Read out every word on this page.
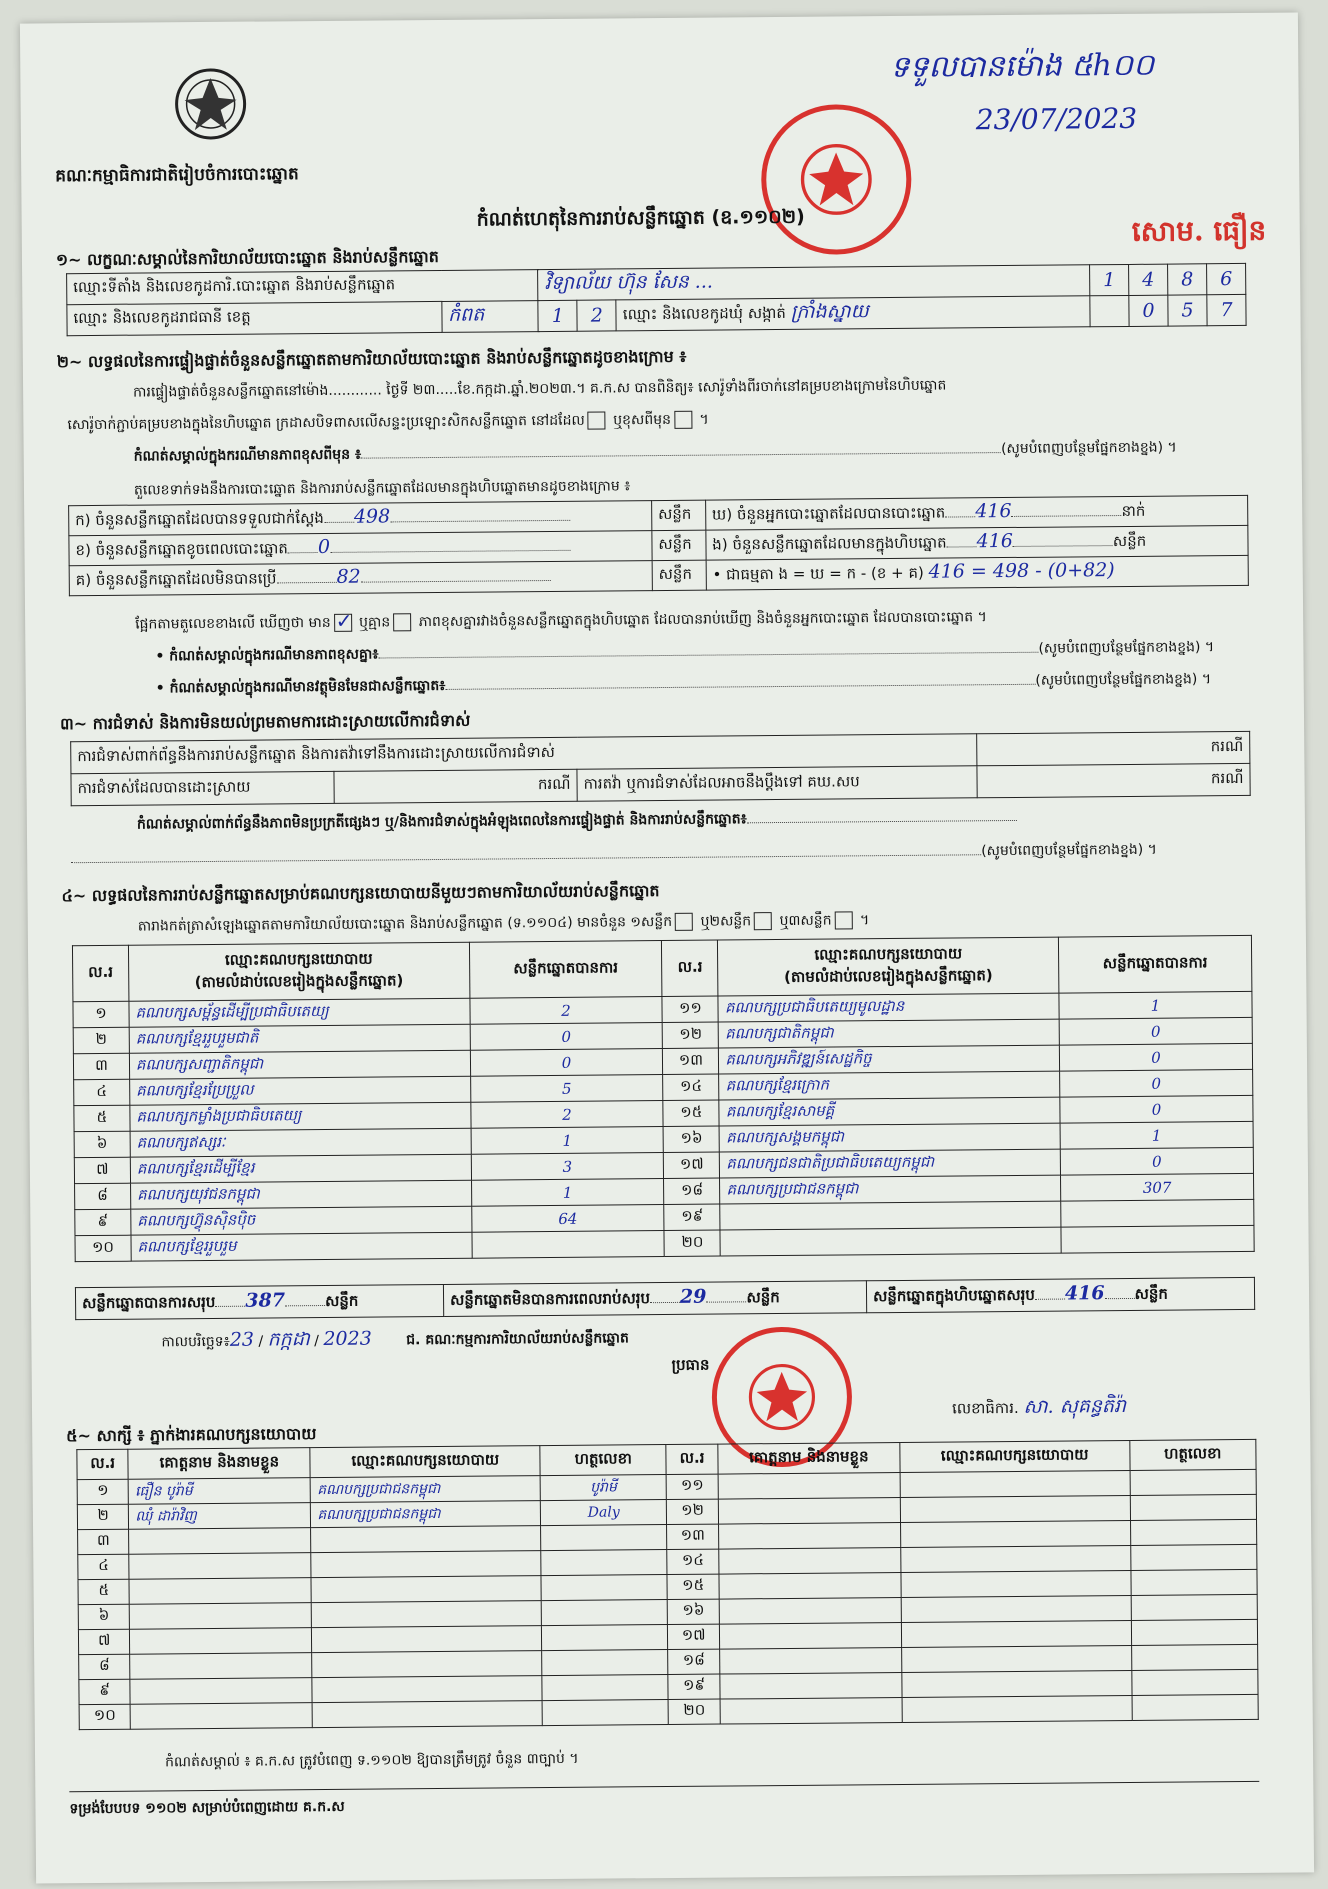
គណៈកម្មាធិការជាតិរៀបចំការបោះឆ្នោត
ទទួលបានម៉ោង ៥h០០
23/07/2023
សោម. ធឿន
កំណត់ហេតុនៃការរាប់សន្លឹកឆ្នោត (ឧ.១១០២)
១~ លក្ខណៈសម្គាល់នៃការិយាល័យបោះឆ្នោត និងរាប់សន្លឹកឆ្នោត
ឈ្មោះទីតាំង និងលេខកូដការិ.បោះឆ្នោត និងរាប់សន្លឹកឆ្នោត		វិទ្យាល័យ ហ៊ុន សែន ...			1	4	8	6
ឈ្មោះ និងលេខកូដរាជធានី ខេត្ត	កំពត	1	2	ឈ្មោះ និងលេខកូដឃុំ សង្កាត់ ក្រាំងស្នាយ		0	5	7
២~ លទ្ធផលនៃការផ្ទៀងផ្ទាត់ចំនួនសន្លឹកឆ្នោតតាមការិយាល័យបោះឆ្នោត និងរាប់សន្លឹកឆ្នោតដូចខាងក្រោម ៖
ការផ្ទៀងផ្ទាត់ចំនួនសន្លឹកឆ្នោតនៅម៉ោង............ ថ្ងៃទី ២៣.....ខែ.កក្កដា.ឆ្នាំ.២០២៣.។ គ.ក.ស បានពិនិត្យ៖ សោរ៉ូទាំងពីរចាក់នៅគម្របខាងក្រោមនៃហិបឆ្នោត
សោរ៉ូចាក់ភ្ជាប់គម្របខាងក្នុងនៃហិបឆ្នោត ក្រដាសបិទពាសលើសន្ទះប្រឡោះសិកសន្លឹកឆ្នោត នៅដដែល ឬខុសពីមុន ។
កំណត់សម្គាល់ក្នុងករណីមានភាពខុសពីមុន ៖	(សូមបំពេញបន្ថែមផ្នែកខាងខ្នង) ។
តួលេខទាក់ទងនឹងការបោះឆ្នោត និងការរាប់សន្លឹកឆ្នោតដែលមានក្នុងហិបឆ្នោតមានដូចខាងក្រោម ៖
ក) ចំនួនសន្លឹកឆ្នោតដែលបានទទួលជាក់ស្តែង 498	សន្លឹក	ឃ) ចំនួនអ្នកបោះឆ្នោតដែលបានបោះឆ្នោត 416 នាក់
ខ) ចំនួនសន្លឹកឆ្នោតខូចពេលបោះឆ្នោត 0	សន្លឹក	ង) ចំនួនសន្លឹកឆ្នោតដែលមានក្នុងហិបឆ្នោត 416 សន្លឹក
គ) ចំនួនសន្លឹកឆ្នោតដែលមិនបានប្រើ 82	សន្លឹក	• ជាធម្មតា ង = ឃ = ក - (ខ + គ) 416 = 498 - (0+82)
ផ្អែកតាមតួលេខខាងលើ ឃើញថា មាន ✓ ឬគ្មាន ភាពខុសគ្នារវាងចំនួនសន្លឹកឆ្នោតក្នុងហិបឆ្នោត ដែលបានរាប់ឃើញ និងចំនួនអ្នកបោះឆ្នោត ដែលបានបោះឆ្នោត ។
• កំណត់សម្គាល់ក្នុងករណីមានភាពខុសគ្នា៖	(សូមបំពេញបន្ថែមផ្នែកខាងខ្នង) ។
• កំណត់សម្គាល់ក្នុងករណីមានវត្ថុមិនមែនជាសន្លឹកឆ្នោត៖	(សូមបំពេញបន្ថែមផ្នែកខាងខ្នង) ។
៣~ ការជំទាស់ និងការមិនយល់ព្រមតាមការដោះស្រាយលើការជំទាស់
ការជំទាស់ពាក់ព័ន្ធនឹងការរាប់សន្លឹកឆ្នោត និងការតវ៉ាទៅនឹងការដោះស្រាយលើការជំទាស់			ករណី
ការជំទាស់ដែលបានដោះស្រាយ	ករណី	ការតវ៉ា ឬការជំទាស់ដែលអាចនឹងប្តឹងទៅ គឃ.សប	ករណី
កំណត់សម្គាល់ពាក់ព័ន្ធនឹងភាពមិនប្រក្រតីផ្សេងៗ ឬ/និងការជំទាស់ក្នុងអំឡុងពេលនៃការផ្ទៀងផ្ទាត់ និងការរាប់សន្លឹកឆ្នោត៖
(សូមបំពេញបន្ថែមផ្នែកខាងខ្នង) ។
៤~ លទ្ធផលនៃការរាប់សន្លឹកឆ្នោតសម្រាប់គណបក្សនយោបាយនីមួយៗតាមការិយាល័យរាប់សន្លឹកឆ្នោត
តារាងកត់ត្រាសំឡេងឆ្នោតតាមការិយាល័យបោះឆ្នោត និងរាប់សន្លឹកឆ្នោត (ទ.១១០៤) មានចំនួន ១សន្លឹក ឬ២សន្លឹក ឬ៣សន្លឹក ។
ល.រ	ឈ្មោះគណបក្សនយោបាយ
(តាមលំដាប់លេខរៀងក្នុងសន្លឹកឆ្នោត)	សន្លឹកឆ្នោតបានការ	ល.រ	ឈ្មោះគណបក្សនយោបាយ
(តាមលំដាប់លេខរៀងក្នុងសន្លឹកឆ្នោត)	សន្លឹកឆ្នោតបានការ
១	គណបក្សសម្ព័ន្ធដើម្បីប្រជាធិបតេយ្យ	2	១១	គណបក្សប្រជាធិបតេយ្យមូលដ្ឋាន	1
២	គណបក្សខ្មែររួបរួមជាតិ	0	១២	គណបក្សជាតិកម្ពុជា	0
៣	គណបក្សសញ្ជាតិកម្ពុជា	0	១៣	គណបក្សអភិវឌ្ឍន៍សេដ្ឋកិច្ច	0
៤	គណបក្សខ្មែរប្រែប្រួល	5	១៤	គណបក្សខ្មែរក្រោក	0
៥	គណបក្សកម្លាំងប្រជាធិបតេយ្យ	2	១៥	គណបក្សខ្មែរសាមគ្គី	0
៦	គណបក្សឥស្សរៈ	1	១៦	គណបក្សសង្គមកម្ពុជា	1
៧	គណបក្សខ្មែរដើម្បីខ្មែរ	3	១៧	គណបក្សជនជាតិប្រជាធិបតេយ្យកម្ពុជា	0
៨	គណបក្សយុវជនកម្ពុជា	1	១៨	គណបក្សប្រជាជនកម្ពុជា	307
៩	គណបក្សហ៊្វុនស៊ិនប៉ិច	64	១៩		
១០	គណបក្សខ្មែររួបរួម		២០		
សន្លឹកឆ្នោតបានការសរុប 387	សន្លឹក	សន្លឹកឆ្នោតមិនបានការពេលរាប់សរុប 29	សន្លឹក	សន្លឹកឆ្នោតក្នុងហិបឆ្នោតសរុប 416 សន្លឹក
កាលបរិច្ឆេទ៖23 / កក្កដា / 2023 ជ. គណៈកម្មការការិយាល័យរាប់សន្លឹកឆ្នោត
ប្រធាន
លេខាធិការ. សា. សុគន្ធតិរ៉ា
៥~ សាក្សី ៖ ភ្នាក់ងារគណបក្សនយោបាយ
ល.រ	គោត្តនាម និងនាមខ្លួន	ឈ្មោះគណបក្សនយោបាយ	ហត្ថលេខា	ល.រ	គោត្តនាម និងនាមខ្លួន	ឈ្មោះគណបក្សនយោបាយ	ហត្ថលេខា
១	ធឿន បូរ៉ាមី	គណបក្សប្រជាជនកម្ពុជា	បូរ៉ាមី	១១			
២	ឈុំ ដារ៉ាវិញ	គណបក្សប្រជាជនកម្ពុជា	Daly	១២			
៣				១៣			
៤				១៤			
៥				១៥			
៦				១៦			
៧				១៧			
៨				១៨			
៩				១៩			
១០				២០			
កំណត់សម្គាល់ ៖ គ.ក.ស ត្រូវបំពេញ ទ.១១០២ ឱ្យបានត្រឹមត្រូវ ចំនួន ៣ច្បាប់ ។
ទម្រង់បែបបទ ១១០២ សម្រាប់បំពេញដោយ គ.ក.ស
